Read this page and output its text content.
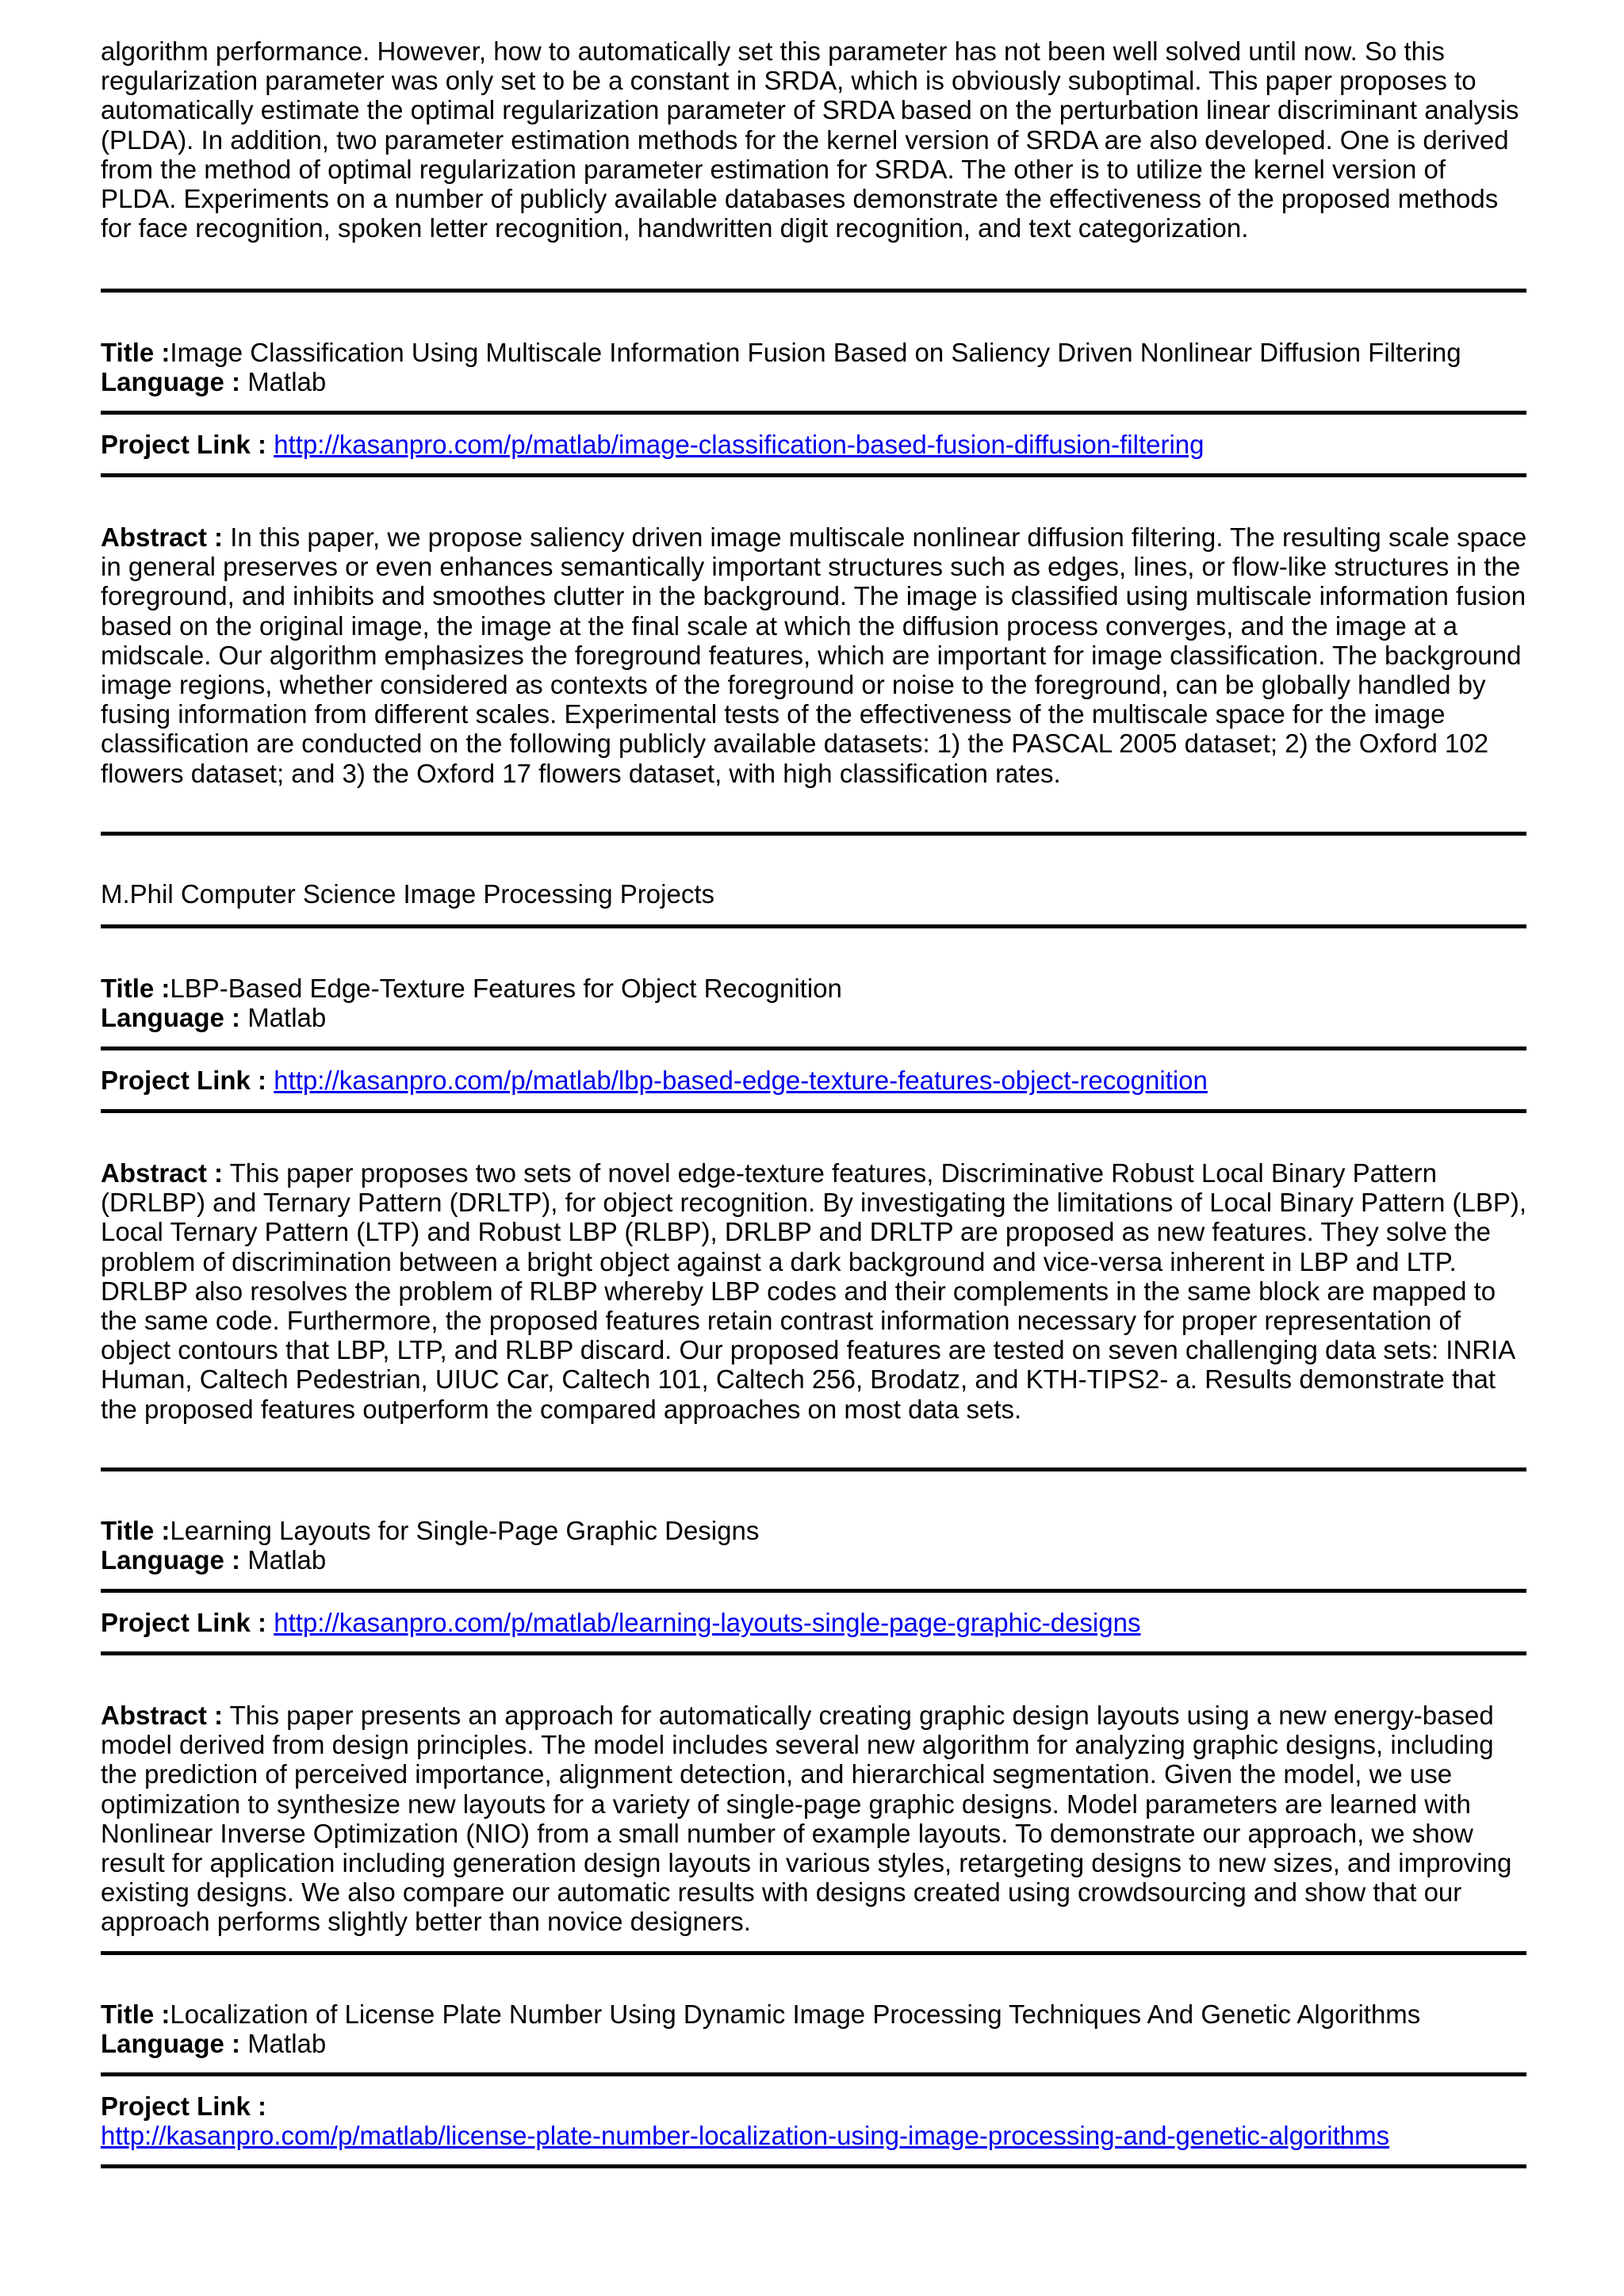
algorithm performance. However, how to automatically set this parameter has not been well solved until now. So this regularization parameter was only set to be a constant in SRDA, which is obviously suboptimal. This paper proposes to automatically estimate the optimal regularization parameter of SRDA based on the perturbation linear discriminant analysis (PLDA). In addition, two parameter estimation methods for the kernel version of SRDA are also developed. One is derived from the method of optimal regularization parameter estimation for SRDA. The other is to utilize the kernel version of PLDA. Experiments on a number of publicly available databases demonstrate the effectiveness of the proposed methods for face recognition, spoken letter recognition, handwritten digit recognition, and text categorization.

Title :Image Classification Using Multiscale Information Fusion Based on Saliency Driven Nonlinear Diffusion Filtering
Language : Matlab

Project Link : http://kasanpro.com/p/matlab/image-classification-based-fusion-diffusion-filtering

Abstract : In this paper, we propose saliency driven image multiscale nonlinear diffusion filtering. The resulting scale space in general preserves or even enhances semantically important structures such as edges, lines, or flow-like structures in the foreground, and inhibits and smoothes clutter in the background. The image is classified using multiscale information fusion based on the original image, the image at the final scale at which the diffusion process converges, and the image at a midscale. Our algorithm emphasizes the foreground features, which are important for image classification. The background image regions, whether considered as contexts of the foreground or noise to the foreground, can be globally handled by fusing information from different scales. Experimental tests of the effectiveness of the multiscale space for the image classification are conducted on the following publicly available datasets: 1) the PASCAL 2005 dataset; 2) the Oxford 102 flowers dataset; and 3) the Oxford 17 flowers dataset, with high classification rates.

M.Phil Computer Science Image Processing Projects

Title :LBP-Based Edge-Texture Features for Object Recognition
Language : Matlab

Project Link : http://kasanpro.com/p/matlab/lbp-based-edge-texture-features-object-recognition

Abstract : This paper proposes two sets of novel edge-texture features, Discriminative Robust Local Binary Pattern (DRLBP) and Ternary Pattern (DRLTP), for object recognition. By investigating the limitations of Local Binary Pattern (LBP), Local Ternary Pattern (LTP) and Robust LBP (RLBP), DRLBP and DRLTP are proposed as new features. They solve the problem of discrimination between a bright object against a dark background and vice-versa inherent in LBP and LTP. DRLBP also resolves the problem of RLBP whereby LBP codes and their complements in the same block are mapped to the same code. Furthermore, the proposed features retain contrast information necessary for proper representation of object contours that LBP, LTP, and RLBP discard. Our proposed features are tested on seven challenging data sets: INRIA Human, Caltech Pedestrian, UIUC Car, Caltech 101, Caltech 256, Brodatz, and KTH-TIPS2- a. Results demonstrate that the proposed features outperform the compared approaches on most data sets.

Title :Learning Layouts for Single-Page Graphic Designs
Language : Matlab

Project Link : http://kasanpro.com/p/matlab/learning-layouts-single-page-graphic-designs

Abstract : This paper presents an approach for automatically creating graphic design layouts using a new energy-based model derived from design principles. The model includes several new algorithm for analyzing graphic designs, including the prediction of perceived importance, alignment detection, and hierarchical segmentation. Given the model, we use optimization to synthesize new layouts for a variety of single-page graphic designs. Model parameters are learned with Nonlinear Inverse Optimization (NIO) from a small number of example layouts. To demonstrate our approach, we show result for application including generation design layouts in various styles, retargeting designs to new sizes, and improving existing designs. We also compare our automatic results with designs created using crowdsourcing and show that our approach performs slightly better than novice designers.

Title :Localization of License Plate Number Using Dynamic Image Processing Techniques And Genetic Algorithms
Language : Matlab

Project Link :
http://kasanpro.com/p/matlab/license-plate-number-localization-using-image-processing-and-genetic-algorithms
